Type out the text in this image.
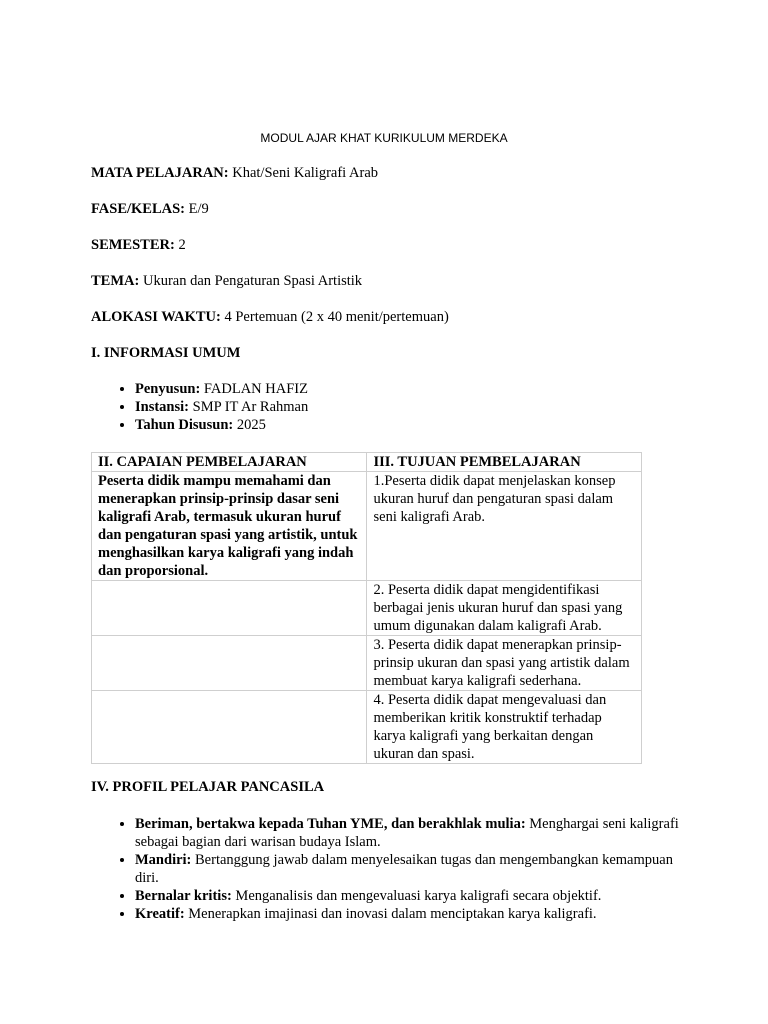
MODUL AJAR KHAT KURIKULUM MERDEKA
MATA PELAJARAN: Khat/Seni Kaligrafi Arab
FASE/KELAS: E/9
SEMESTER: 2
TEMA: Ukuran dan Pengaturan Spasi Artistik
ALOKASI WAKTU: 4 Pertemuan (2 x 40 menit/pertemuan)
I. INFORMASI UMUM
• Penyusun: FADLAN HAFIZ
• Instansi: SMP IT Ar Rahman
• Tahun Disusun: 2025
II. CAPAIAN PEMBELAJARAN	III. TUJUAN PEMBELAJARAN
Peserta didik mampu memahami dan menerapkan prinsip-prinsip dasar seni kaligrafi Arab, termasuk ukuran huruf dan pengaturan spasi yang artistik, untuk menghasilkan karya kaligrafi yang indah dan proporsional.	1.Peserta didik dapat menjelaskan konsep ukuran huruf dan pengaturan spasi dalam seni kaligrafi Arab.
	2. Peserta didik dapat mengidentifikasi berbagai jenis ukuran huruf dan spasi yang umum digunakan dalam kaligrafi Arab.
	3. Peserta didik dapat menerapkan prinsip-prinsip ukuran dan spasi yang artistik dalam membuat karya kaligrafi sederhana.
	4. Peserta didik dapat mengevaluasi dan memberikan kritik konstruktif terhadap karya kaligrafi yang berkaitan dengan ukuran dan spasi.
IV. PROFIL PELAJAR PANCASILA
• Beriman, bertakwa kepada Tuhan YME, dan berakhlak mulia: Menghargai seni kaligrafi sebagai bagian dari warisan budaya Islam.
• Mandiri: Bertanggung jawab dalam menyelesaikan tugas dan mengembangkan kemampuan diri.
• Bernalar kritis: Menganalisis dan mengevaluasi karya kaligrafi secara objektif.
• Kreatif: Menerapkan imajinasi dan inovasi dalam menciptakan karya kaligrafi.
